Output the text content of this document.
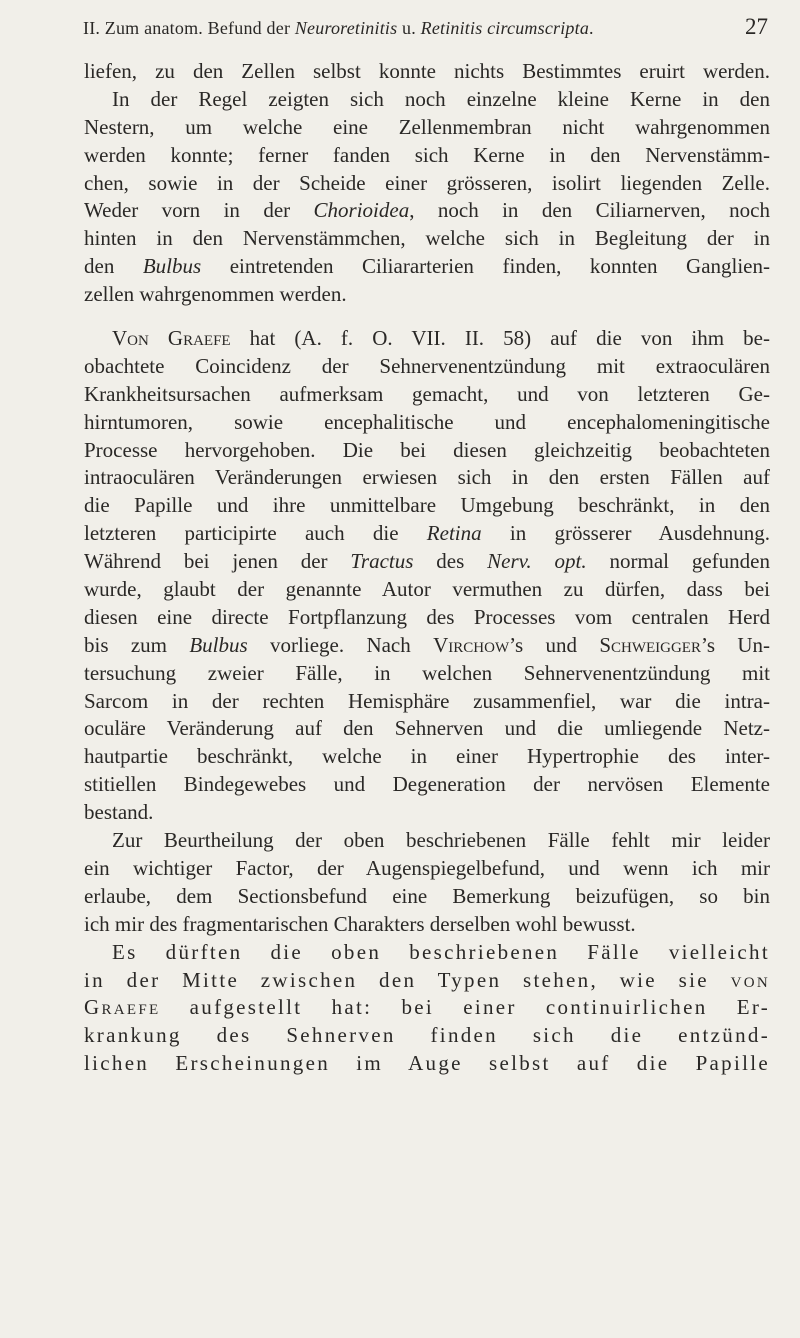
II. Zum anatom. Befund der Neuroretinitis u. Retinitis circumscripta.	27
liefen, zu den Zellen selbst konnte nichts Bestimmtes eruirt werden.
In der Regel zeigten sich noch einzelne kleine Kerne in den
Nestern, um welche eine Zellenmembran nicht wahrgenommen
werden konnte; ferner fanden sich Kerne in den Nervenstämm-
chen, sowie in der Scheide einer grösseren, isolirt liegenden Zelle.
Weder vorn in der Chorioidea, noch in den Ciliarnerven, noch
hinten in den Nervenstämmchen, welche sich in Begleitung der in
den Bulbus eintretenden Ciliararterien finden, konnten Ganglien-
zellen wahrgenommen werden.
Von Graefe hat (A. f. O. VII. II. 58) auf die von ihm be-
obachtete Coincidenz der Sehnervenentzündung mit extraoculären
Krankheitsursachen aufmerksam gemacht, und von letzteren Ge-
hirntumoren, sowie encephalitische und encephalomeningitische
Processe hervorgehoben. Die bei diesen gleichzeitig beobachteten
intraoculären Veränderungen erwiesen sich in den ersten Fällen auf
die Papille und ihre unmittelbare Umgebung beschränkt, in den
letzteren participirte auch die Retina in grösserer Ausdehnung.
Während bei jenen der Tractus des Nerv. opt. normal gefunden
wurde, glaubt der genannte Autor vermuthen zu dürfen, dass bei
diesen eine directe Fortpflanzung des Processes vom centralen Herd
bis zum Bulbus vorliege. Nach Virchow’s und Schweigger’s Un-
tersuchung zweier Fälle, in welchen Sehnervenentzündung mit
Sarcom in der rechten Hemisphäre zusammenfiel, war die intra-
oculäre Veränderung auf den Sehnerven und die umliegende Netz-
hautpartie beschränkt, welche in einer Hypertrophie des inter-
stitiellen Bindegewebes und Degeneration der nervösen Elemente
bestand.
Zur Beurtheilung der oben beschriebenen Fälle fehlt mir leider
ein wichtiger Factor, der Augenspiegelbefund, und wenn ich mir
erlaube, dem Sectionsbefund eine Bemerkung beizufügen, so bin
ich mir des fragmentarischen Charakters derselben wohl bewusst.
Es dürften die oben beschriebenen Fälle vielleicht
in der Mitte zwischen den Typen stehen, wie sie von
Graefe aufgestellt hat: bei einer continuirlichen Er-
krankung des Sehnerven finden sich die entzünd-
lichen Erscheinungen im Auge selbst auf die Papille
